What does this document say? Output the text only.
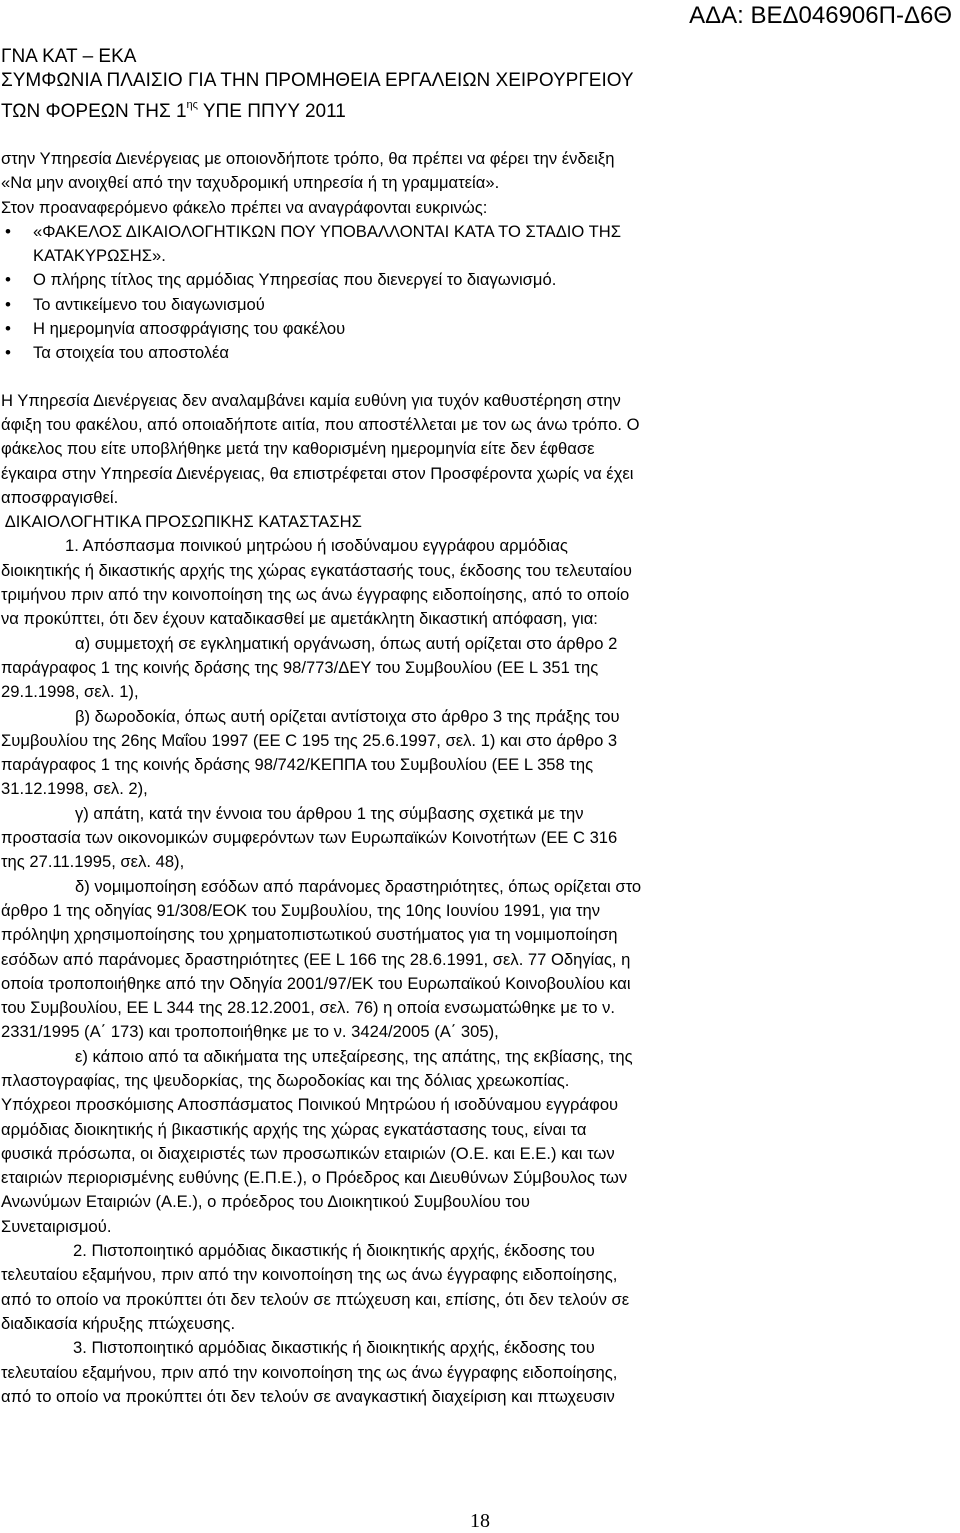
ΑΔΑ: ΒΕΔ046906Π-Δ6Θ
ΓΝΑ ΚΑΤ – ΕΚΑ
ΣΥΜΦΩΝΙΑ ΠΛΑΙΣΙΟ ΓΙΑ ΤΗΝ ΠΡΟΜΗΘΕΙΑ ΕΡΓΑΛΕΙΩΝ ΧΕΙΡΟΥΡΓΕΙΟΥ
ΤΩΝ ΦΟΡΕΩΝ ΤΗΣ $1^{\eta\varsigma}$ ΥΠΕ ΠΠΥΥ 2011
στην Υπηρεσία Διενέργειας με οποιονδήποτε τρόπο, θα πρέπει να φέρει την ένδειξη
«Να μην ανοιχθεί από την ταχυδρομική υπηρεσία ή τη γραμματεία».
Στον προαναφερόμενο φάκελο πρέπει να αναγράφονται ευκρινώς:
• «ΦΑΚΕΛΟΣ ΔΙΚΑΙΟΛΟΓΗΤΙΚΩΝ ΠΟΥ ΥΠΟΒΑΛΛΟΝΤΑΙ ΚΑΤΑ ΤΟ ΣΤΑΔΙΟ ΤΗΣ
ΚΑΤΑΚΥΡΩΣΗΣ».
• Ο πλήρης τίτλος της αρμόδιας Υπηρεσίας που διενεργεί το διαγωνισμό.
• Το αντικείμενο του διαγωνισμού
• Η ημερομηνία αποσφράγισης του φακέλου
• Τα στοιχεία του αποστολέα
Η Υπηρεσία Διενέργειας δεν αναλαμβάνει καμία ευθύνη για τυχόν καθυστέρηση στην
άφιξη του φακέλου, από οποιαδήποτε αιτία, που αποστέλλεται με τον ως άνω τρόπο. Ο
φάκελος που είτε υποβλήθηκε μετά την καθορισμένη ημερομηνία είτε δεν έφθασε
έγκαιρα στην Υπηρεσία Διενέργειας, θα επιστρέφεται στον Προσφέροντα χωρίς να έχει
αποσφραγισθεί.
ΔΙΚΑΙΟΛΟΓΗΤΙΚΑ ΠΡΟΣΩΠΙΚΗΣ ΚΑΤΑΣΤΑΣΗΣ
1. Απόσπασμα ποινικού μητρώου ή ισοδύναμου εγγράφου αρμόδιας
διοικητικής ή δικαστικής αρχής της χώρας εγκατάστασής τους, έκδοσης του τελευταίου
τριμήνου πριν από την κοινοποίηση της ως άνω έγγραφης ειδοποίησης, από το οποίο
να προκύπτει, ότι δεν έχουν καταδικασθεί με αμετάκλητη δικαστική απόφαση, για:
α) συμμετοχή σε εγκληματική οργάνωση, όπως αυτή ορίζεται στο άρθρο 2
παράγραφος 1 της κοινής δράσης της 98/773/ΔΕΥ του Συμβουλίου (ΕΕ L 351 της
29.1.1998, σελ. 1),
β) δωροδοκία, όπως αυτή ορίζεται αντίστοιχα στο άρθρο 3 της πράξης του
Συμβουλίου της 26ης Μαΐου 1997 (ΕΕ C 195 της 25.6.1997, σελ. 1) και στο άρθρο 3
παράγραφος 1 της κοινής δράσης 98/742/ΚΕΠΠΑ του Συμβουλίου (ΕΕ L 358 της
31.12.1998, σελ. 2),
γ) απάτη, κατά την έννοια του άρθρου 1 της σύμβασης σχετικά με την
προστασία των οικονομικών συμφερόντων των Ευρωπαϊκών Κοινοτήτων (ΕΕ C 316
της 27.11.1995, σελ. 48),
δ) νομιμοποίηση εσόδων από παράνομες δραστηριότητες, όπως ορίζεται στο
άρθρο 1 της οδηγίας 91/308/ΕΟΚ του Συμβουλίου, της 10ης Ιουνίου 1991, για την
πρόληψη χρησιμοποίησης του χρηματοπιστωτικού συστήματος για τη νομιμοποίηση
εσόδων από παράνομες δραστηριότητες (ΕΕ L 166 της 28.6.1991, σελ. 77 Οδηγίας, η
οποία τροποποιήθηκε από την Οδηγία 2001/97/ΕΚ του Ευρωπαϊκού Κοινοβουλίου και
του Συμβουλίου, ΕΕ L 344 της 28.12.2001, σελ. 76) η οποία ενσωματώθηκε με το ν.
2331/1995 (Α΄ 173) και τροποποιήθηκε με το ν. 3424/2005 (Α΄ 305),
ε) κάποιο από τα αδικήματα της υπεξαίρεσης, της απάτης, της εκβίασης, της
πλαστογραφίας, της ψευδορκίας, της δωροδοκίας και της δόλιας χρεωκοπίας.
Υπόχρεοι προσκόμισης Αποσπάσματος Ποινικού Μητρώου ή ισοδύναμου εγγράφου
αρμόδιας διοικητικής ή βικαστικής αρχής της χώρας εγκατάστασης τους, είναι τα
φυσικά πρόσωπα, οι διαχειριστές των προσωπικών εταιριών (Ο.Ε. και Ε.Ε.) και των
εταιριών περιορισμένης ευθύνης (Ε.Π.Ε.), ο Πρόεδρος και Διευθύνων Σύμβουλος των
Ανωνύμων Εταιριών (Α.Ε.), ο πρόεδρος του Διοικητικού Συμβουλίου του
Συνεταιρισμού.
2. Πιστοποιητικό αρμόδιας δικαστικής ή διοικητικής αρχής, έκδοσης του
τελευταίου εξαμήνου, πριν από την κοινοποίηση της ως άνω έγγραφης ειδοποίησης,
από το οποίο να προκύπτει ότι δεν τελούν σε πτώχευση και, επίσης, ότι δεν τελούν σε
διαδικασία κήρυξης πτώχευσης.
3. Πιστοποιητικό αρμόδιας δικαστικής ή διοικητικής αρχής, έκδοσης του
τελευταίου εξαμήνου, πριν από την κοινοποίηση της ως άνω έγγραφης ειδοποίησης,
από το οποίο να προκύπτει ότι δεν τελούν σε αναγκαστική διαχείριση και πτωχευσιν
18
